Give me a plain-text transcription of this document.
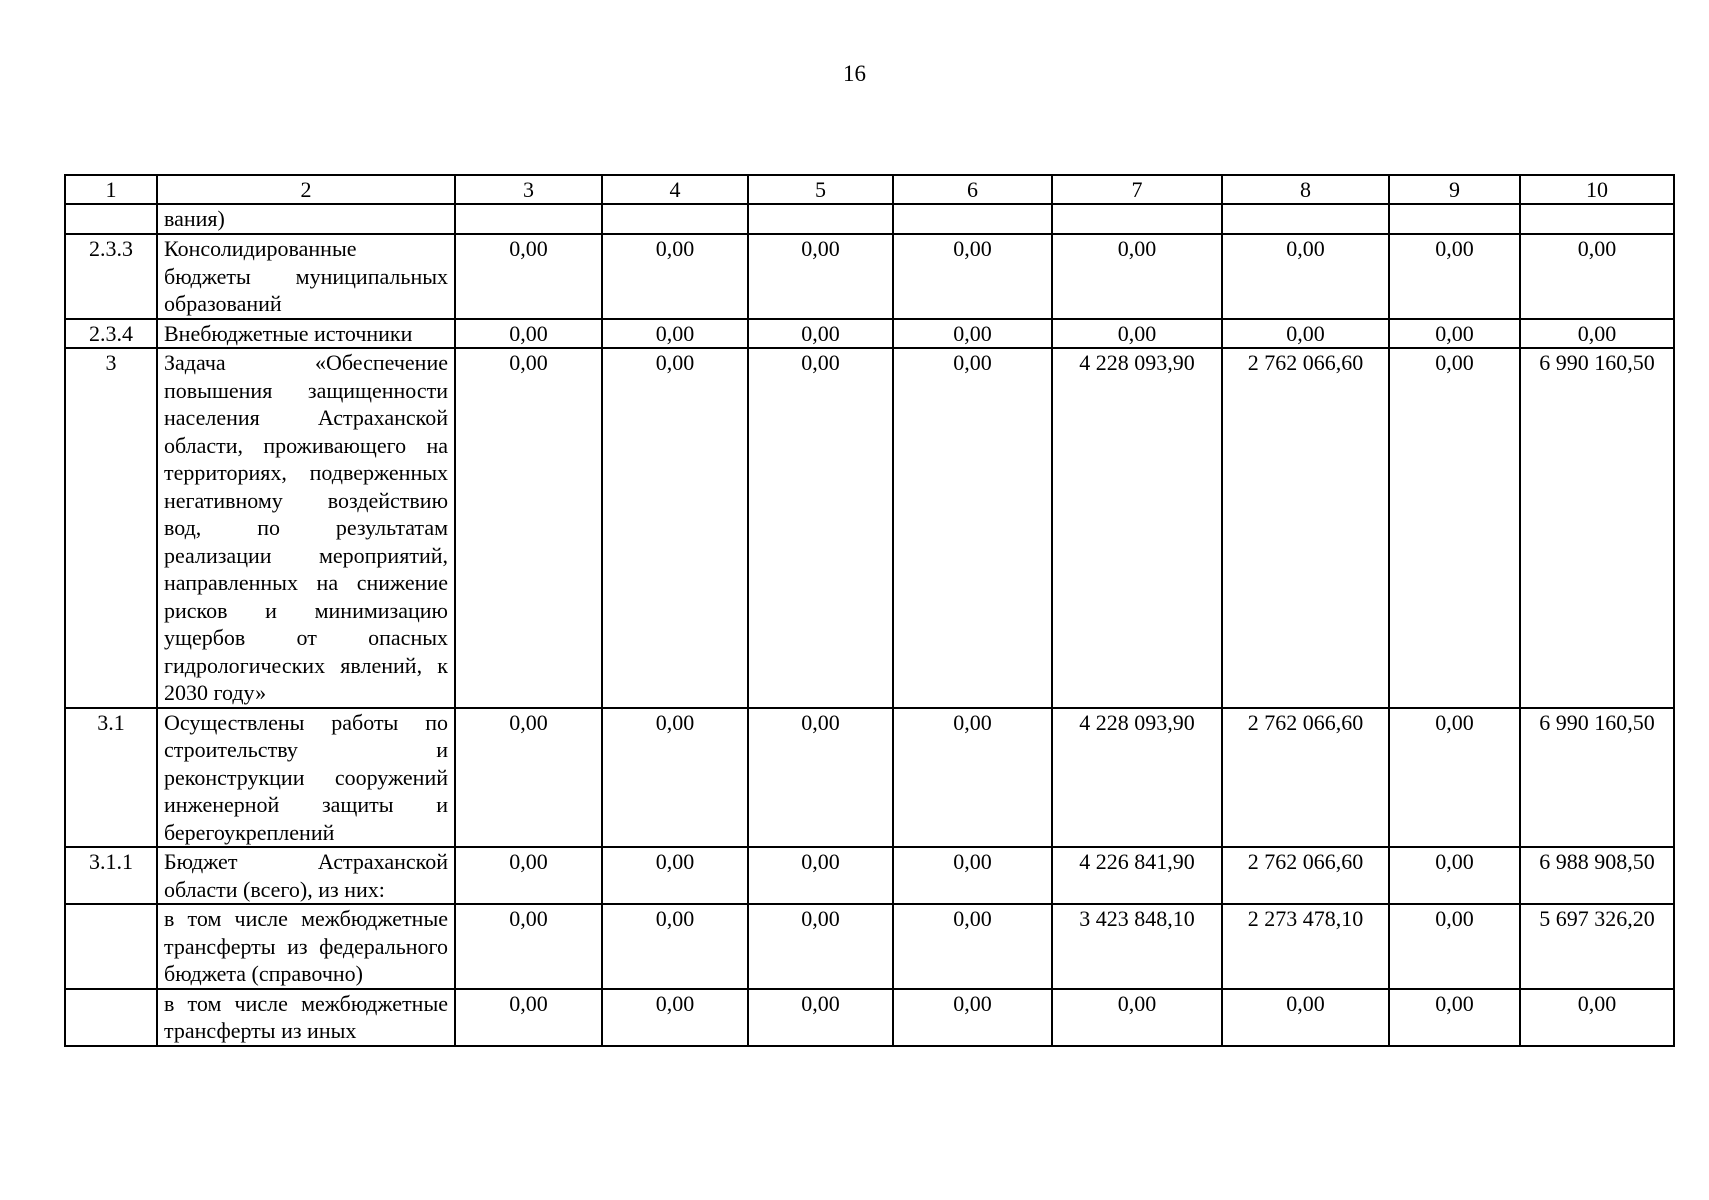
16
1	2	3	4	5	6	7	8	9	10
	вания)								
2.3.3	Консолидированные бюджеты муниципальных образований	0,00	0,00	0,00	0,00	0,00	0,00	0,00	0,00
2.3.4	Внебюджетные источники	0,00	0,00	0,00	0,00	0,00	0,00	0,00	0,00
3	Задача «Обеспечение повышения защищенности населения Астраханской области, проживающего на территориях, подверженных негативному воздействию вод, по результатам реализации мероприятий, направленных на снижение рисков и минимизацию ущербов от опасных гидрологических явлений, к 2030 году»	0,00	0,00	0,00	0,00	4 228 093,90	2 762 066,60	0,00	6 990 160,50
3.1	Осуществлены работы по строительству и реконструкции сооружений инженерной защиты и берегоукреплений	0,00	0,00	0,00	0,00	4 228 093,90	2 762 066,60	0,00	6 990 160,50
3.1.1	Бюджет Астраханской области (всего), из них:	0,00	0,00	0,00	0,00	4 226 841,90	2 762 066,60	0,00	6 988 908,50
	в том числе межбюджетные трансферты из федерального бюджета (справочно)	0,00	0,00	0,00	0,00	3 423 848,10	2 273 478,10	0,00	5 697 326,20
	в том числе межбюджетные трансферты из иных	0,00	0,00	0,00	0,00	0,00	0,00	0,00	0,00
